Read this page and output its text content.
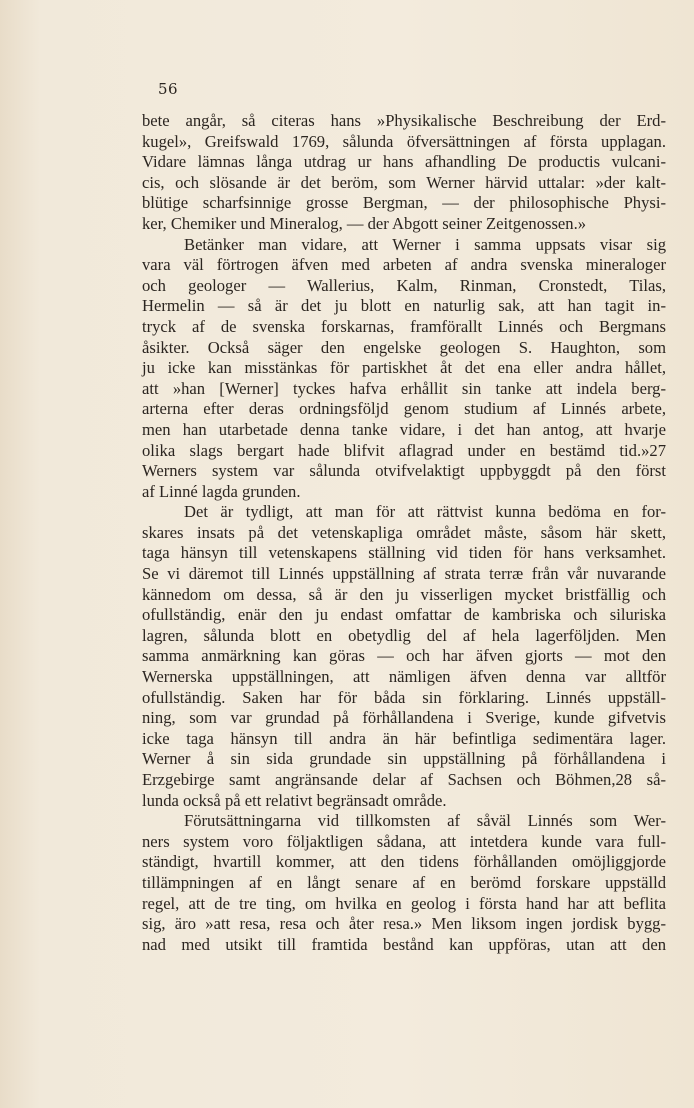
56
bete angår, så citeras hans »Physikalische Beschreibung der Erd-
kugel», Greifswald 1769, sålunda öfversättningen af första upplagan.
Vidare lämnas långa utdrag ur hans afhandling De productis vulcani-
cis, och slösande är det beröm, som Werner härvid uttalar: »der kalt-
blütige scharfsinnige grosse Bergman, — der philosophische Physi-
ker, Chemiker und Mineralog, — der Abgott seiner Zeitgenossen.»
Betänker man vidare, att Werner i samma uppsats visar sig
vara väl förtrogen äfven med arbeten af andra svenska mineraloger
och geologer — Wallerius, Kalm, Rinman, Cronstedt, Tilas,
Hermelin — så är det ju blott en naturlig sak, att han tagit in-
tryck af de svenska forskarnas, framförallt Linnés och Bergmans
åsikter. Också säger den engelske geologen S. Haughton, som
ju icke kan misstänkas för partiskhet åt det ena eller andra hållet,
att »han [Werner] tyckes hafva erhållit sin tanke att indela berg-
arterna efter deras ordningsföljd genom studium af Linnés arbete,
men han utarbetade denna tanke vidare, i det han antog, att hvarje
olika slags bergart hade blifvit aflagrad under en bestämd tid.»27
Werners system var sålunda otvifvelaktigt uppbyggdt på den först
af Linné lagda grunden.
Det är tydligt, att man för att rättvist kunna bedöma en for-
skares insats på det vetenskapliga området måste, såsom här skett,
taga hänsyn till vetenskapens ställning vid tiden för hans verksamhet.
Se vi däremot till Linnés uppställning af strata terræ från vår nuvarande
kännedom om dessa, så är den ju visserligen mycket bristfällig och
ofullständig, enär den ju endast omfattar de kambriska och siluriska
lagren, sålunda blott en obetydlig del af hela lagerföljden. Men
samma anmärkning kan göras — och har äfven gjorts — mot den
Wernerska uppställningen, att nämligen äfven denna var alltför
ofullständig. Saken har för båda sin förklaring. Linnés uppställ-
ning, som var grundad på förhållandena i Sverige, kunde gifvetvis
icke taga hänsyn till andra än här befintliga sedimentära lager.
Werner å sin sida grundade sin uppställning på förhållandena i
Erzgebirge samt angränsande delar af Sachsen och Böhmen,28 så-
lunda också på ett relativt begränsadt område.
Förutsättningarna vid tillkomsten af såväl Linnés som Wer-
ners system voro följaktligen sådana, att intetdera kunde vara full-
ständigt, hvartill kommer, att den tidens förhållanden omöjliggjorde
tillämpningen af en långt senare af en berömd forskare uppställd
regel, att de tre ting, om hvilka en geolog i första hand har att beflita
sig, äro »att resa, resa och åter resa.» Men liksom ingen jordisk bygg-
nad med utsikt till framtida bestånd kan uppföras, utan att den
